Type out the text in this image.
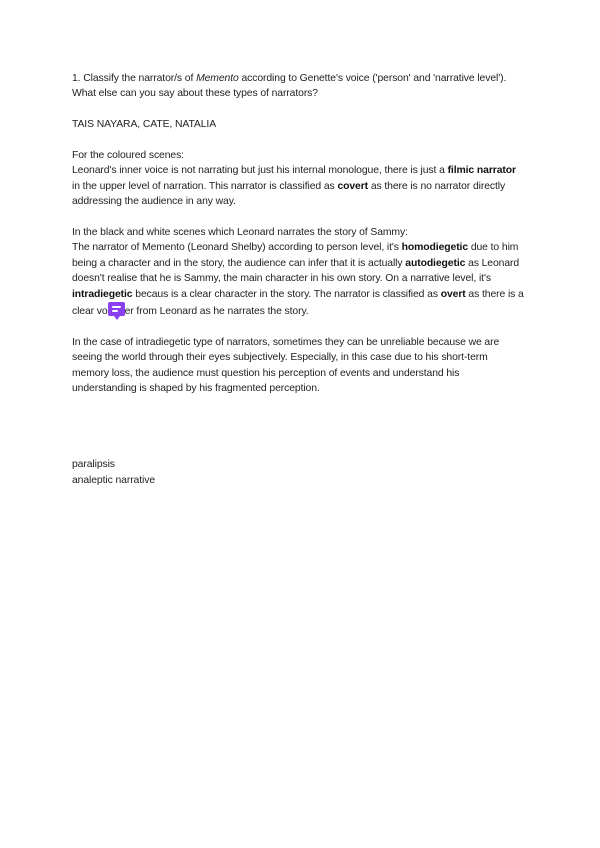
1. Classify the narrator/s of Memento according to Genette's voice ('person' and 'narrative level'). What else can you say about these types of narrators?

TAIS NAYARA, CATE, NATALIA

For the coloured scenes:
Leonard's inner voice is not narrating but just his internal monologue, there is just a filmic narrator in the upper level of narration. This narrator is classified as covert as there is no narrator directly addressing the audience in any way.

In the black and white scenes which Leonard narrates the story of Sammy:
The narrator of Memento (Leonard Shelby) according to person level, it's homodiegetic due to him being a character and in the story, the audience can infer that it is actually autodiegetic as Leonard doesn't realise that he is Sammy, the main character in his own story. On a narrative level, it's intradiegetic becaus is a clear character in the story. The narrator is classified as overt as there is a clear vo er from Leonard as he narrates the story.

In the case of intradiegetic type of narrators, sometimes they can be unreliable because we are seeing the world through their eyes subjectively. Especially, in this case due to his short-term memory loss, the audience must question his perception of events and understand his understanding is shaped by his fragmented perception.

paralipsis
analeptic narrative
